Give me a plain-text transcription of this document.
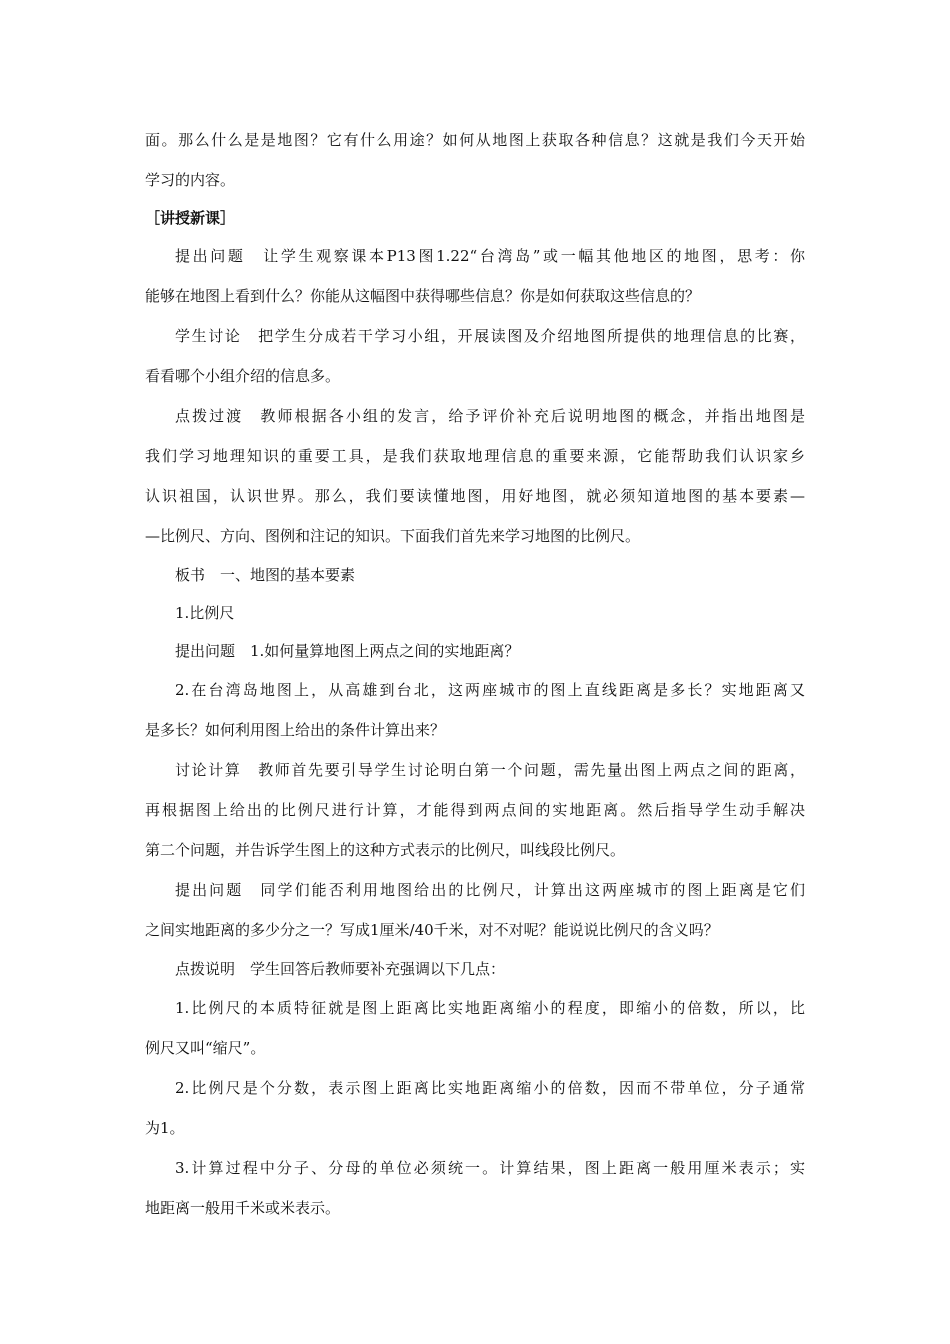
面。那么什么是是地图？它有什么用途？如何从地图上获取各种信息？这就是我们今天开始
学习的内容。
［讲授新课］
提出问题　让学生观察课本P13图1.22“台湾岛”或一幅其他地区的地图，思考：你
能够在地图上看到什么？你能从这幅图中获得哪些信息？你是如何获取这些信息的？
学生讨论　把学生分成若干学习小组，开展读图及介绍地图所提供的地理信息的比赛，
看看哪个小组介绍的信息多。
点拨过渡　教师根据各小组的发言，给予评价补充后说明地图的概念，并指出地图是
我们学习地理知识的重要工具，是我们获取地理信息的重要来源，它能帮助我们认识家乡
认识祖国，认识世界。那么，我们要读懂地图，用好地图，就必须知道地图的基本要素—
—比例尺、方向、图例和注记的知识。下面我们首先来学习地图的比例尺。
板书　一、地图的基本要素
1.比例尺
提出问题　1.如何量算地图上两点之间的实地距离？
2.在台湾岛地图上，从高雄到台北，这两座城市的图上直线距离是多长？实地距离又
是多长？如何利用图上给出的条件计算出来？
讨论计算　教师首先要引导学生讨论明白第一个问题，需先量出图上两点之间的距离，
再根据图上给出的比例尺进行计算，才能得到两点间的实地距离。然后指导学生动手解决
第二个问题，并告诉学生图上的这种方式表示的比例尺，叫线段比例尺。
提出问题　同学们能否利用地图给出的比例尺，计算出这两座城市的图上距离是它们
之间实地距离的多少分之一？写成1厘米/40千米，对不对呢？能说说比例尺的含义吗？
点拨说明　学生回答后教师要补充强调以下几点：
1.比例尺的本质特征就是图上距离比实地距离缩小的程度，即缩小的倍数，所以，比
例尺又叫“缩尺”。
2.比例尺是个分数，表示图上距离比实地距离缩小的倍数，因而不带单位，分子通常
为1。
3.计算过程中分子、分母的单位必须统一。计算结果，图上距离一般用厘米表示；实
地距离一般用千米或米表示。
